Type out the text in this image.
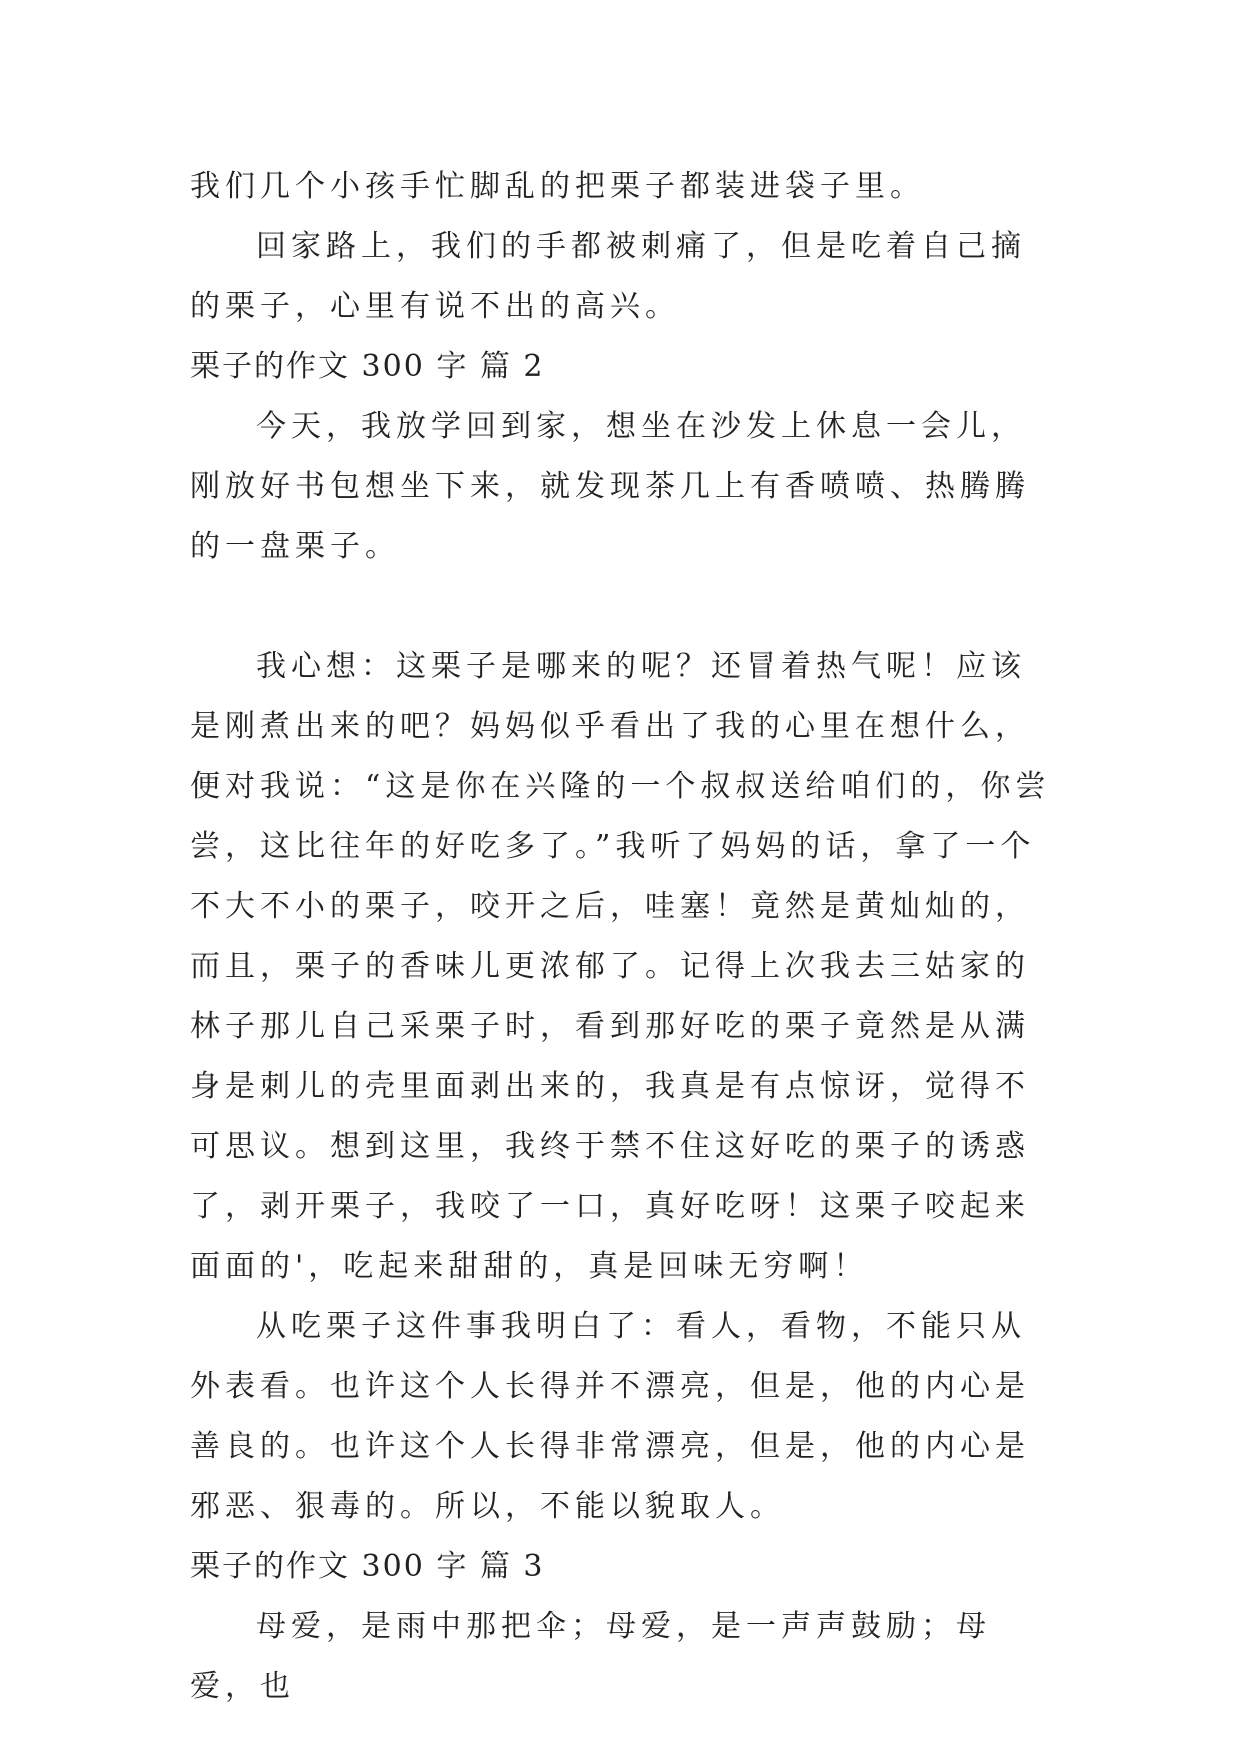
我们几个小孩手忙脚乱的把栗子都装进袋子里。

回家路上，我们的手都被刺痛了，但是吃着自己摘的栗子，心里有说不出的高兴。

栗子的作文 300 字 篇 2

今天，我放学回到家，想坐在沙发上休息一会儿，刚放好书包想坐下来，就发现茶几上有香喷喷、热腾腾的一盘栗子。

我心想：这栗子是哪来的呢？还冒着热气呢！应该是刚煮出来的吧？妈妈似乎看出了我的心里在想什么，便对我说：“这是你在兴隆的一个叔叔送给咱们的，你尝尝，这比往年的好吃多了。”我听了妈妈的话，拿了一个不大不小的栗子，咬开之后，哇塞！竟然是黄灿灿的，而且，栗子的香味儿更浓郁了。记得上次我去三姑家的林子那儿自己采栗子时，看到那好吃的栗子竟然是从满身是刺儿的壳里面剥出来的，我真是有点惊讶，觉得不可思议。想到这里，我终于禁不住这好吃的栗子的诱惑了，剥开栗子，我咬了一口，真好吃呀！这栗子咬起来面面的'，吃起来甜甜的，真是回味无穷啊！

从吃栗子这件事我明白了：看人，看物，不能只从外表看。也许这个人长得并不漂亮，但是，他的内心是善良的。也许这个人长得非常漂亮，但是，他的内心是邪恶、狠毒的。所以，不能以貌取人。

栗子的作文 300 字 篇 3

母爱，是雨中那把伞；母爱，是一声声鼓励；母爱，也
